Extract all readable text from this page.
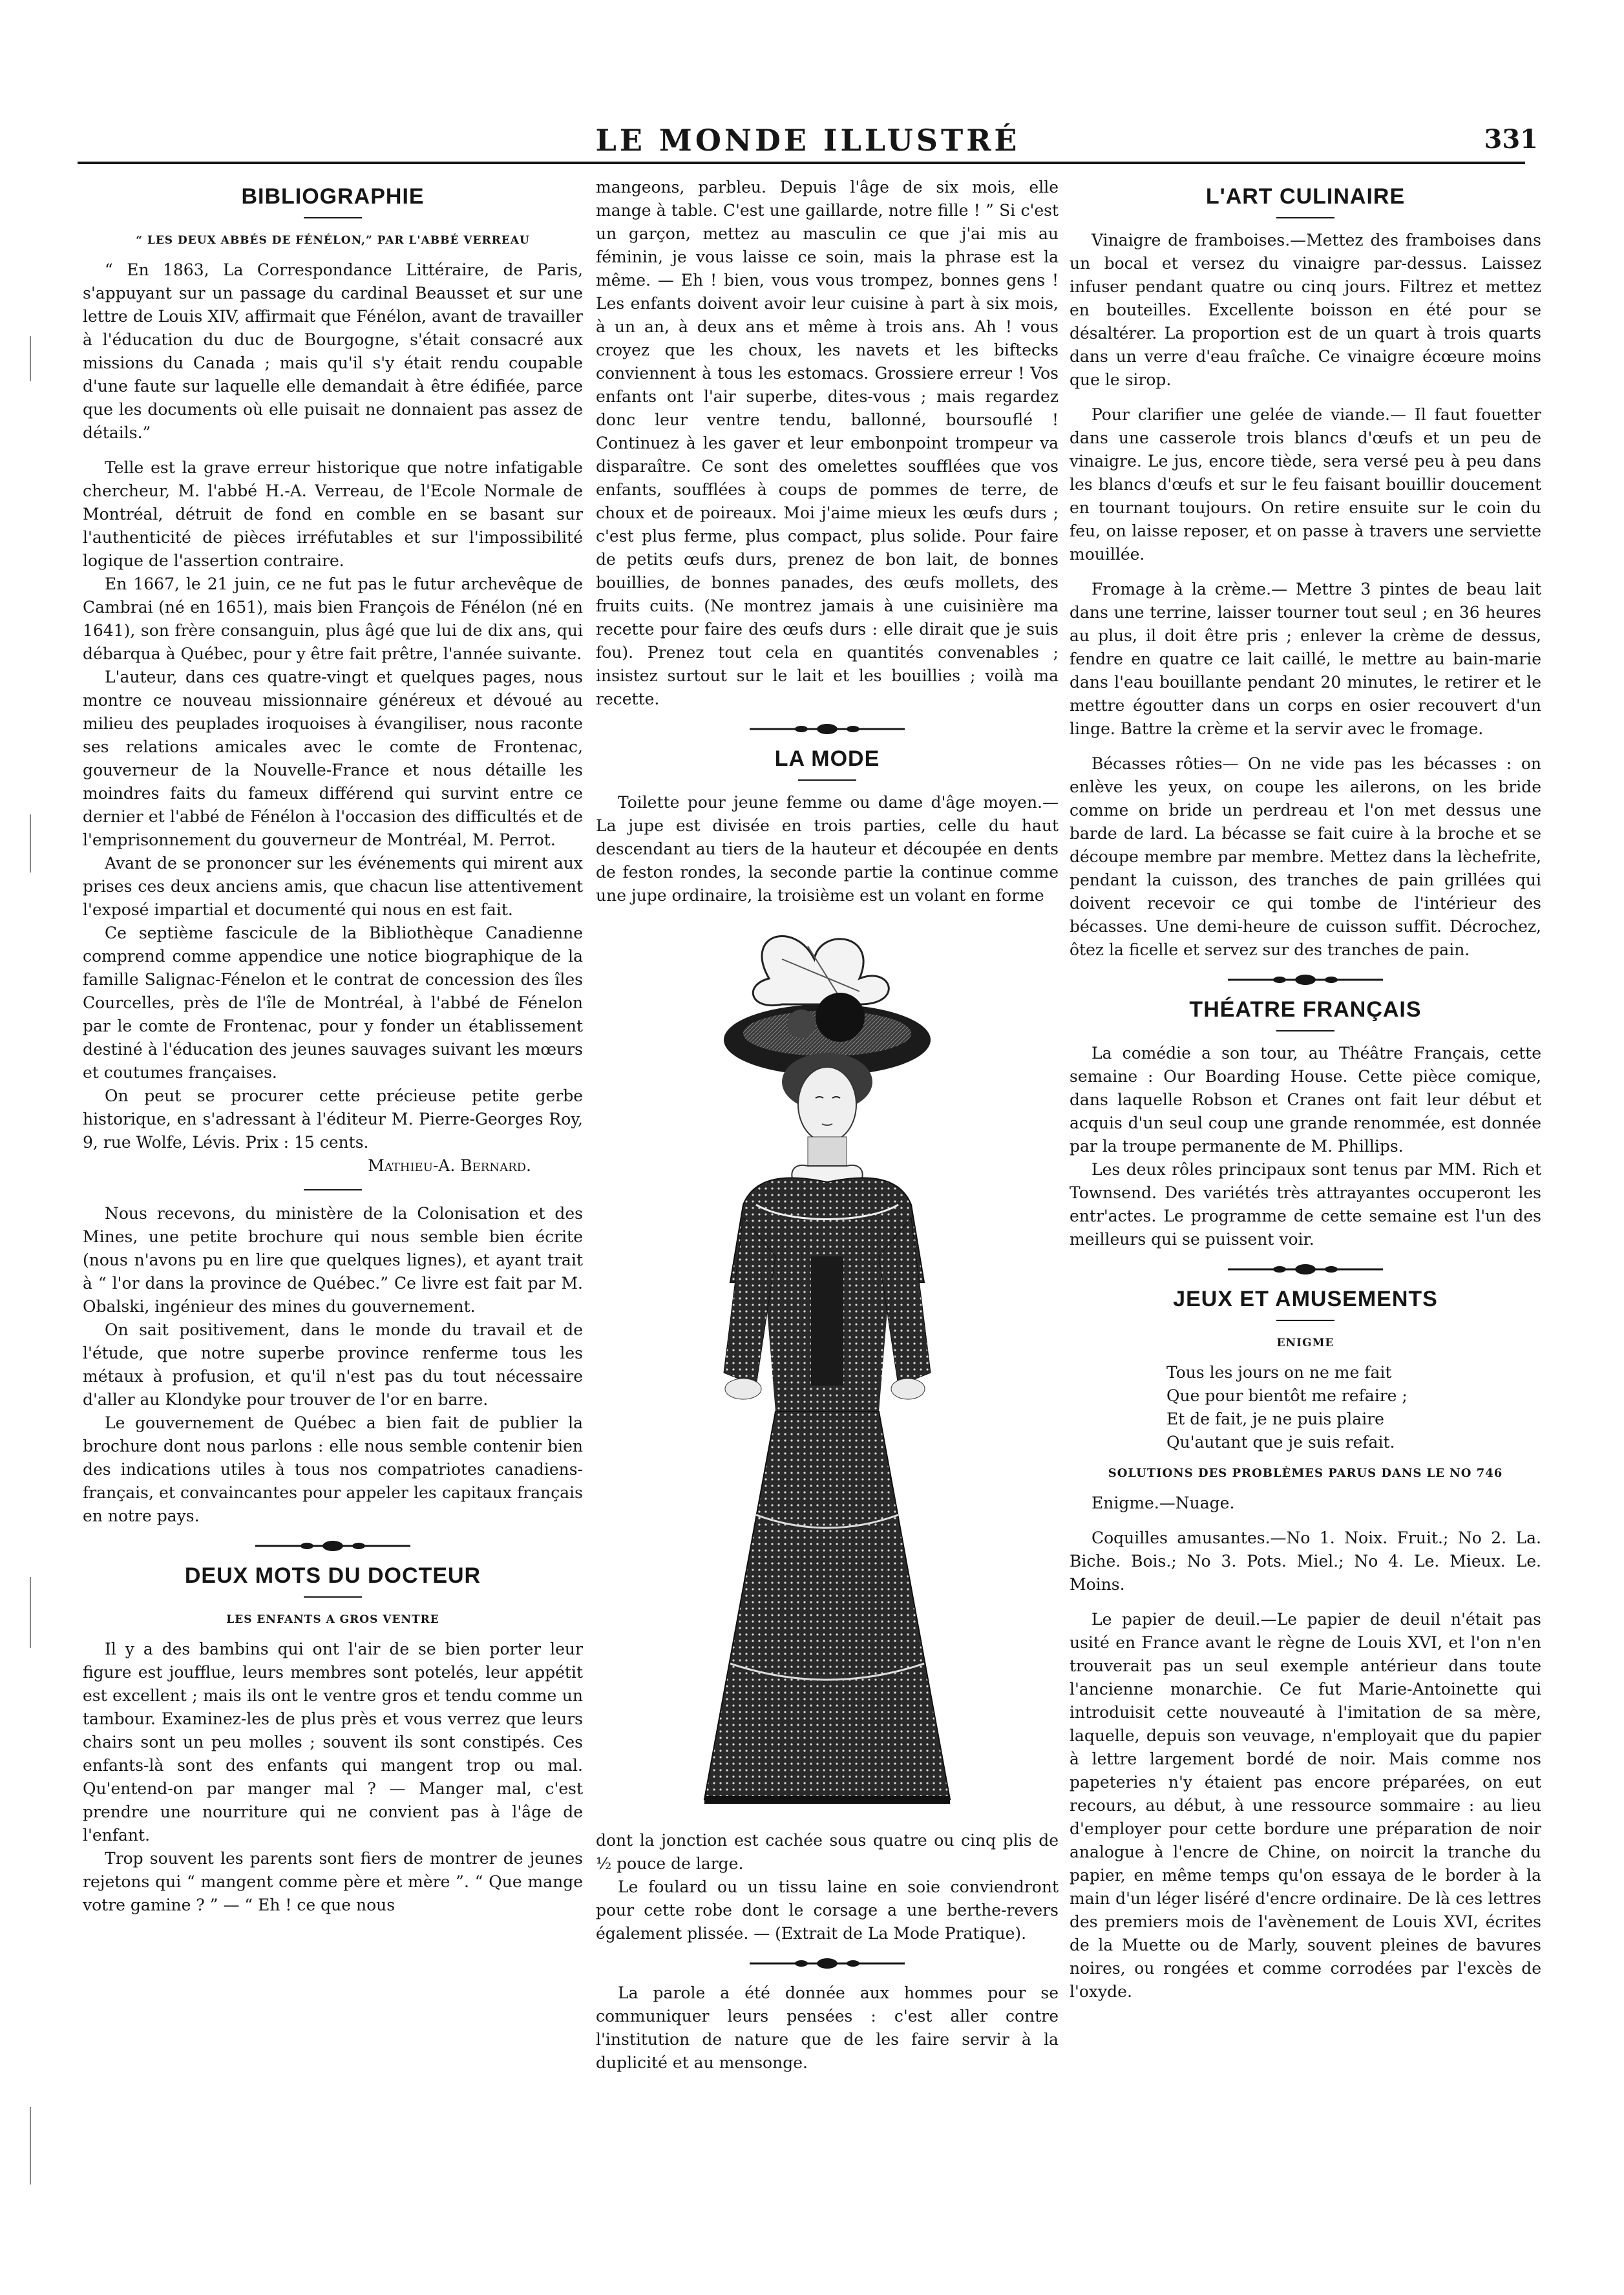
LE MONDE ILLUSTRÉ	331
BIBLIOGRAPHIE
“ LES DEUX ABBÉS DE FÉNÉLON,” PAR L'ABBÉ VERREAU

“ En 1863, La Correspondance Littéraire, de Paris, s'appuyant sur un passage du cardinal Beausset et sur une lettre de Louis XIV, affirmait que Fénélon, avant de travailler à l'éducation du duc de Bourgogne, s'était consacré aux missions du Canada ; mais qu'il s'y était rendu coupable d'une faute sur laquelle elle demandait à être édifiée, parce que les documents où elle puisait ne donnaient pas assez de détails.”

Telle est la grave erreur historique que notre infatigable chercheur, M. l'abbé H.-A. Verreau, de l'Ecole Normale de Montréal, détruit de fond en comble en se basant sur l'authenticité de pièces irréfutables et sur l'impossibilité logique de l'assertion contraire.

En 1667, le 21 juin, ce ne fut pas le futur archevêque de Cambrai (né en 1651), mais bien François de Fénélon (né en 1641), son frère consanguin, plus âgé que lui de dix ans, qui débarqua à Québec, pour y être fait prêtre, l'année suivante.

L'auteur, dans ces quatre-vingt et quelques pages, nous montre ce nouveau missionnaire généreux et dévoué au milieu des peuplades iroquoises à évangiliser, nous raconte ses relations amicales avec le comte de Frontenac, gouverneur de la Nouvelle-France et nous détaille les moindres faits du fameux différend qui survint entre ce dernier et l'abbé de Fénélon à l'occasion des difficultés et de l'emprisonnement du gouverneur de Montréal, M. Perrot.

Avant de se prononcer sur les événements qui mirent aux prises ces deux anciens amis, que chacun lise attentivement l'exposé impartial et documenté qui nous en est fait.

Ce septième fascicule de la Bibliothèque Canadienne comprend comme appendice une notice biographique de la famille Salignac-Fénelon et le contrat de concession des îles Courcelles, près de l'île de Montréal, à l'abbé de Fénelon par le comte de Frontenac, pour y fonder un établissement destiné à l'éducation des jeunes sauvages suivant les mœurs et coutumes françaises.

On peut se procurer cette précieuse petite gerbe historique, en s'adressant à l'éditeur M. Pierre-Georges Roy, 9, rue Wolfe, Lévis. Prix : 15 cents.

Mathieu-A. Bernard.

Nous recevons, du ministère de la Colonisation et des Mines, une petite brochure qui nous semble bien écrite (nous n'avons pu en lire que quelques lignes), et ayant trait à “ l'or dans la province de Québec.” Ce livre est fait par M. Obalski, ingénieur des mines du gouvernement.

On sait positivement, dans le monde du travail et de l'étude, que notre superbe province renferme tous les métaux à profusion, et qu'il n'est pas du tout nécessaire d'aller au Klondyke pour trouver de l'or en barre.

Le gouvernement de Québec a bien fait de publier la brochure dont nous parlons : elle nous semble contenir bien des indications utiles à tous nos compatriotes canadiens-français, et convaincantes pour appeler les capitaux français en notre pays.

DEUX MOTS DU DOCTEUR
LES ENFANTS A GROS VENTRE

Il y a des bambins qui ont l'air de se bien porter leur figure est joufflue, leurs membres sont potelés, leur appétit est excellent ; mais ils ont le ventre gros et tendu comme un tambour. Examinez-les de plus près et vous verrez que leurs chairs sont un peu molles ; souvent ils sont constipés. Ces enfants-là sont des enfants qui mangent trop ou mal. Qu'entend-on par manger mal ? — Manger mal, c'est prendre une nourriture qui ne convient pas à l'âge de l'enfant.

Trop souvent les parents sont fiers de montrer de jeunes rejetons qui “ mangent comme père et mère ”. “ Que mange votre gamine ? ” — “ Eh ! ce que nous

mangeons, parbleu. Depuis l'âge de six mois, elle mange à table. C'est une gaillarde, notre fille ! ” Si c'est un garçon, mettez au masculin ce que j'ai mis au féminin, je vous laisse ce soin, mais la phrase est la même. — Eh ! bien, vous vous trompez, bonnes gens ! Les enfants doivent avoir leur cuisine à part à six mois, à un an, à deux ans et même à trois ans. Ah ! vous croyez que les choux, les navets et les biftecks conviennent à tous les estomacs. Grossiere erreur ! Vos enfants ont l'air superbe, dites-vous ; mais regardez donc leur ventre tendu, ballonné, boursouflé ! Continuez à les gaver et leur embonpoint trompeur va disparaître. Ce sont des omelettes soufflées que vos enfants, soufflées à coups de pommes de terre, de choux et de poireaux. Moi j'aime mieux les œufs durs ; c'est plus ferme, plus compact, plus solide. Pour faire de petits œufs durs, prenez de bon lait, de bonnes bouillies, de bonnes panades, des œufs mollets, des fruits cuits. (Ne montrez jamais à une cuisinière ma recette pour faire des œufs durs : elle dirait que je suis fou). Prenez tout cela en quantités convenables ; insistez surtout sur le lait et les bouillies ; voilà ma recette.

LA MODE

Toilette pour jeune femme ou dame d'âge moyen.—La jupe est divisée en trois parties, celle du haut descendant au tiers de la hauteur et découpée en dents de feston rondes, la seconde partie la continue comme une jupe ordinaire, la troisième est un volant en forme

dont la jonction est cachée sous quatre ou cinq plis de ½ pouce de large.

Le foulard ou un tissu laine en soie conviendront pour cette robe dont le corsage a une berthe-revers également plissée. — (Extrait de La Mode Pratique).

La parole a été donnée aux hommes pour se communiquer leurs pensées : c'est aller contre l'institution de nature que de les faire servir à la duplicité et au mensonge.

L'ART CULINAIRE

Vinaigre de framboises.—Mettez des framboises dans un bocal et versez du vinaigre par-dessus. Laissez infuser pendant quatre ou cinq jours. Filtrez et mettez en bouteilles. Excellente boisson en été pour se désaltérer. La proportion est de un quart à trois quarts dans un verre d'eau fraîche. Ce vinaigre écœure moins que le sirop.

Pour clarifier une gelée de viande.— Il faut fouetter dans une casserole trois blancs d'œufs et un peu de vinaigre. Le jus, encore tiède, sera versé peu à peu dans les blancs d'œufs et sur le feu faisant bouillir doucement en tournant toujours. On retire ensuite sur le coin du feu, on laisse reposer, et on passe à travers une serviette mouillée.

Fromage à la crème.— Mettre 3 pintes de beau lait dans une terrine, laisser tourner tout seul ; en 36 heures au plus, il doit être pris ; enlever la crème de dessus, fendre en quatre ce lait caillé, le mettre au bain-marie dans l'eau bouillante pendant 20 minutes, le retirer et le mettre égoutter dans un corps en osier recouvert d'un linge. Battre la crème et la servir avec le fromage.

Bécasses rôties— On ne vide pas les bécasses : on enlève les yeux, on coupe les ailerons, on les bride comme on bride un perdreau et l'on met dessus une barde de lard. La bécasse se fait cuire à la broche et se découpe membre par membre. Mettez dans la lèchefrite, pendant la cuisson, des tranches de pain grillées qui doivent recevoir ce qui tombe de l'intérieur des bécasses. Une demi-heure de cuisson suffit. Décrochez, ôtez la ficelle et servez sur des tranches de pain.

THÉATRE FRANÇAIS

La comédie a son tour, au Théâtre Français, cette semaine : Our Boarding House. Cette pièce comique, dans laquelle Robson et Cranes ont fait leur début et acquis d'un seul coup une grande renommée, est donnée par la troupe permanente de M. Phillips.

Les deux rôles principaux sont tenus par MM. Rich et Townsend. Des variétés très attrayantes occuperont les entr'actes. Le programme de cette semaine est l'un des meilleurs qui se puissent voir.

JEUX ET AMUSEMENTS
ENIGME

Tous les jours on ne me fait

Que pour bientôt me refaire ;

Et de fait, je ne puis plaire

Qu'autant que je suis refait.

SOLUTIONS DES PROBLÈMES PARUS DANS LE NO 746

Enigme.—Nuage.

Coquilles amusantes.—No 1. Noix. Fruit.; No 2. La. Biche. Bois.; No 3. Pots. Miel.; No 4. Le. Mieux. Le. Moins.

Le papier de deuil.—Le papier de deuil n'était pas usité en France avant le règne de Louis XVI, et l'on n'en trouverait pas un seul exemple antérieur dans toute l'ancienne monarchie. Ce fut Marie-Antoinette qui introduisit cette nouveauté à l'imitation de sa mère, laquelle, depuis son veuvage, n'employait que du papier à lettre largement bordé de noir. Mais comme nos papeteries n'y étaient pas encore préparées, on eut recours, au début, à une ressource sommaire : au lieu d'employer pour cette bordure une préparation de noir analogue à l'encre de Chine, on noircit la tranche du papier, en même temps qu'on essaya de le border à la main d'un léger liséré d'encre ordinaire. De là ces lettres des premiers mois de l'avènement de Louis XVI, écrites de la Muette ou de Marly, souvent pleines de bavures noires, ou rongées et comme corrodées par l'excès de l'oxyde.
